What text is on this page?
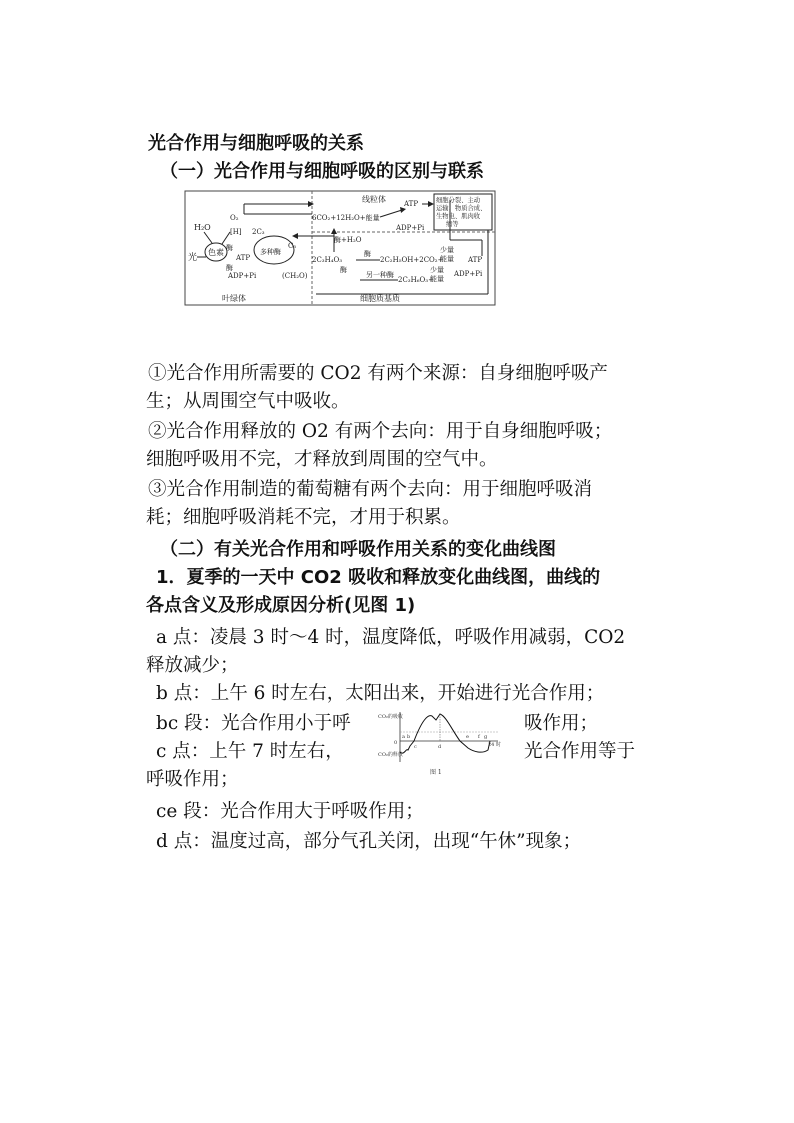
光合作用与细胞呼吸的关系
（一）光合作用与细胞呼吸的区别与联系
线粒体
叶绿体	细胞质基质
光
色素
H₂O
O₂
[H]
ATP
酶
酶
ADP+Pi
多种酶
2C₃
C₅
(CH₂O)
6CO₂+12H₂O+能量
ATP
ADP+Pi
细胞分裂、主动 运输、物质合成、 生物电、肌肉收 缩等
酶+H₂O
酶
2C₃H₄O₃	2C₂H₅OH+2CO₂+
酶
另一种酶
2C₃H₆O₃+
少量
能量 ATP
少量
能量
ADP+Pi
①光合作用所需要的 CO2 有两个来源：自身细胞呼吸产
生；从周围空气中吸收。
②光合作用释放的 O2 有两个去向：用于自身细胞呼吸；
细胞呼吸用不完，才释放到周围的空气中。
③光合作用制造的葡萄糖有两个去向：用于细胞呼吸消
耗；细胞呼吸消耗不完，才用于积累。
（二）有关光合作用和呼吸作用关系的变化曲线图
1．夏季的一天中 CO2 吸收和释放变化曲线图，曲线的
各点含义及形成原因分析(见图 1)
a 点：凌晨 3 时～4 时，温度降低，呼吸作用减弱，CO2
释放减少；
b 点：上午 6 时左右，太阳出来，开始进行光合作用；
bc 段：光合作用小于呼	吸作用；
c 点：上午 7 时左右，	光合作用等于
呼吸作用；
ce 段：光合作用大于呼吸作用；
d 点：温度过高，部分气孔关闭，出现“午休”现象；
CO₂的吸收
CO₂的释放
0
a b
c	d
e f g
24 时
图 1
